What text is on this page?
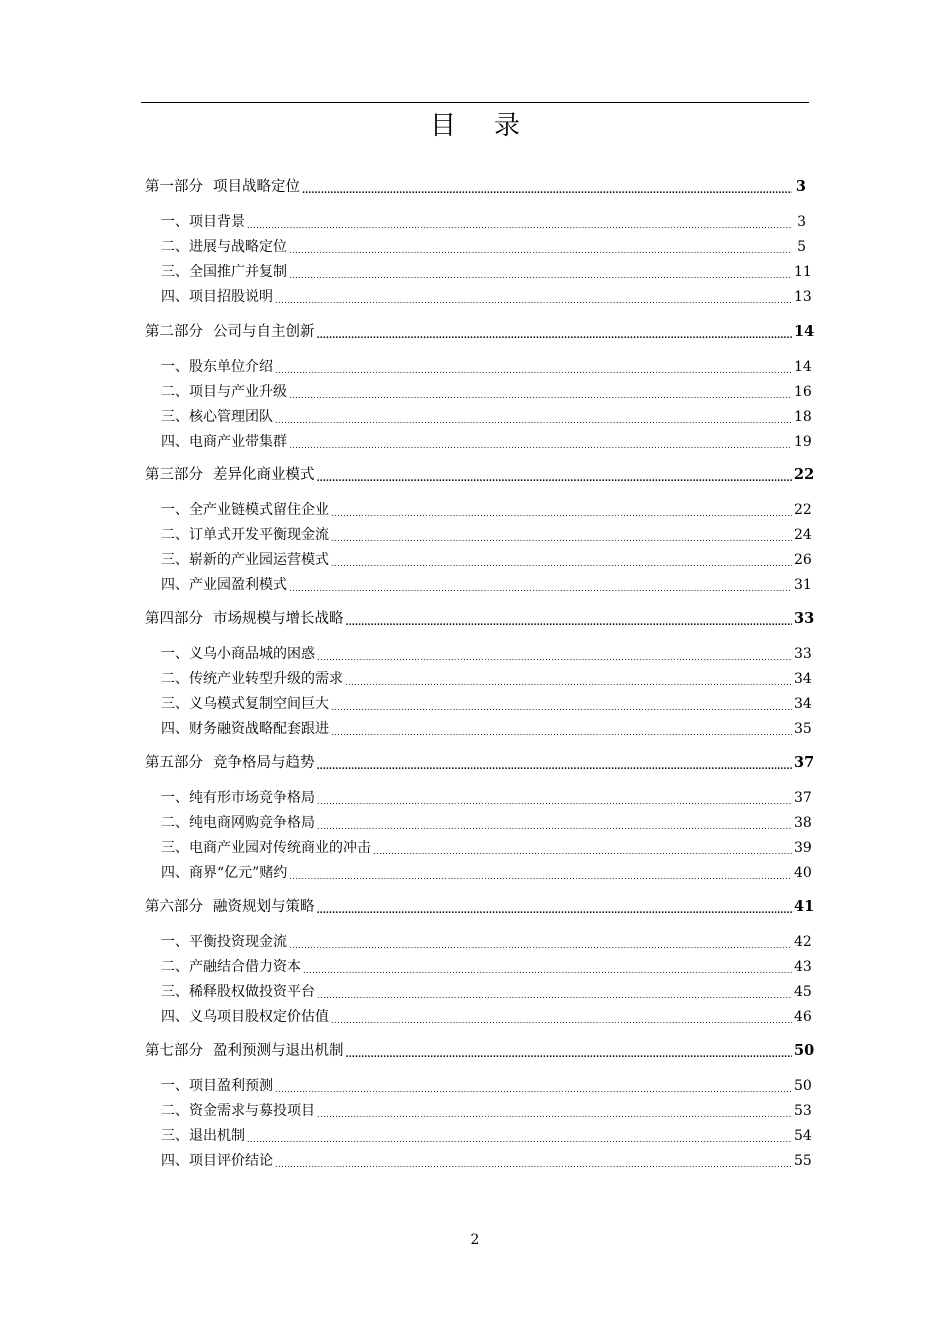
目 录
第一部分 项目战略定位 .....	3
一、项目背景 .....	3
二、进展与战略定位 .....	5
三、全国推广并复制 .....	11
四、项目招股说明 .....	13
第二部分 公司与自主创新 .....	14
一、股东单位介绍 .....	14
二、项目与产业升级 .....	16
三、核心管理团队 .....	18
四、电商产业带集群 .....	19
第三部分 差异化商业模式 .....	22
一、全产业链模式留住企业 .....	22
二、订单式开发平衡现金流 .....	24
三、崭新的产业园运营模式 .....	26
四、产业园盈利模式 .....	31
第四部分 市场规模与增长战略 .....	33
一、义乌小商品城的困惑 .....	33
二、传统产业转型升级的需求 .....	34
三、义乌模式复制空间巨大 .....	34
四、财务融资战略配套跟进 .....	35
第五部分 竞争格局与趋势 .....	37
一、纯有形市场竞争格局 .....	37
二、纯电商网购竞争格局 .....	38
三、电商产业园对传统商业的冲击 .....	39
四、商界“亿元”赌约 .....	40
第六部分 融资规划与策略 .....	41
一、平衡投资现金流 .....	42
二、产融结合借力资本 .....	43
三、稀释股权做投资平台 .....	45
四、义乌项目股权定价估值 .....	46
第七部分 盈利预测与退出机制 .....	50
一、项目盈利预测 .....	50
二、资金需求与募投项目 .....	53
三、退出机制 .....	54
四、项目评价结论 .....	55
2
